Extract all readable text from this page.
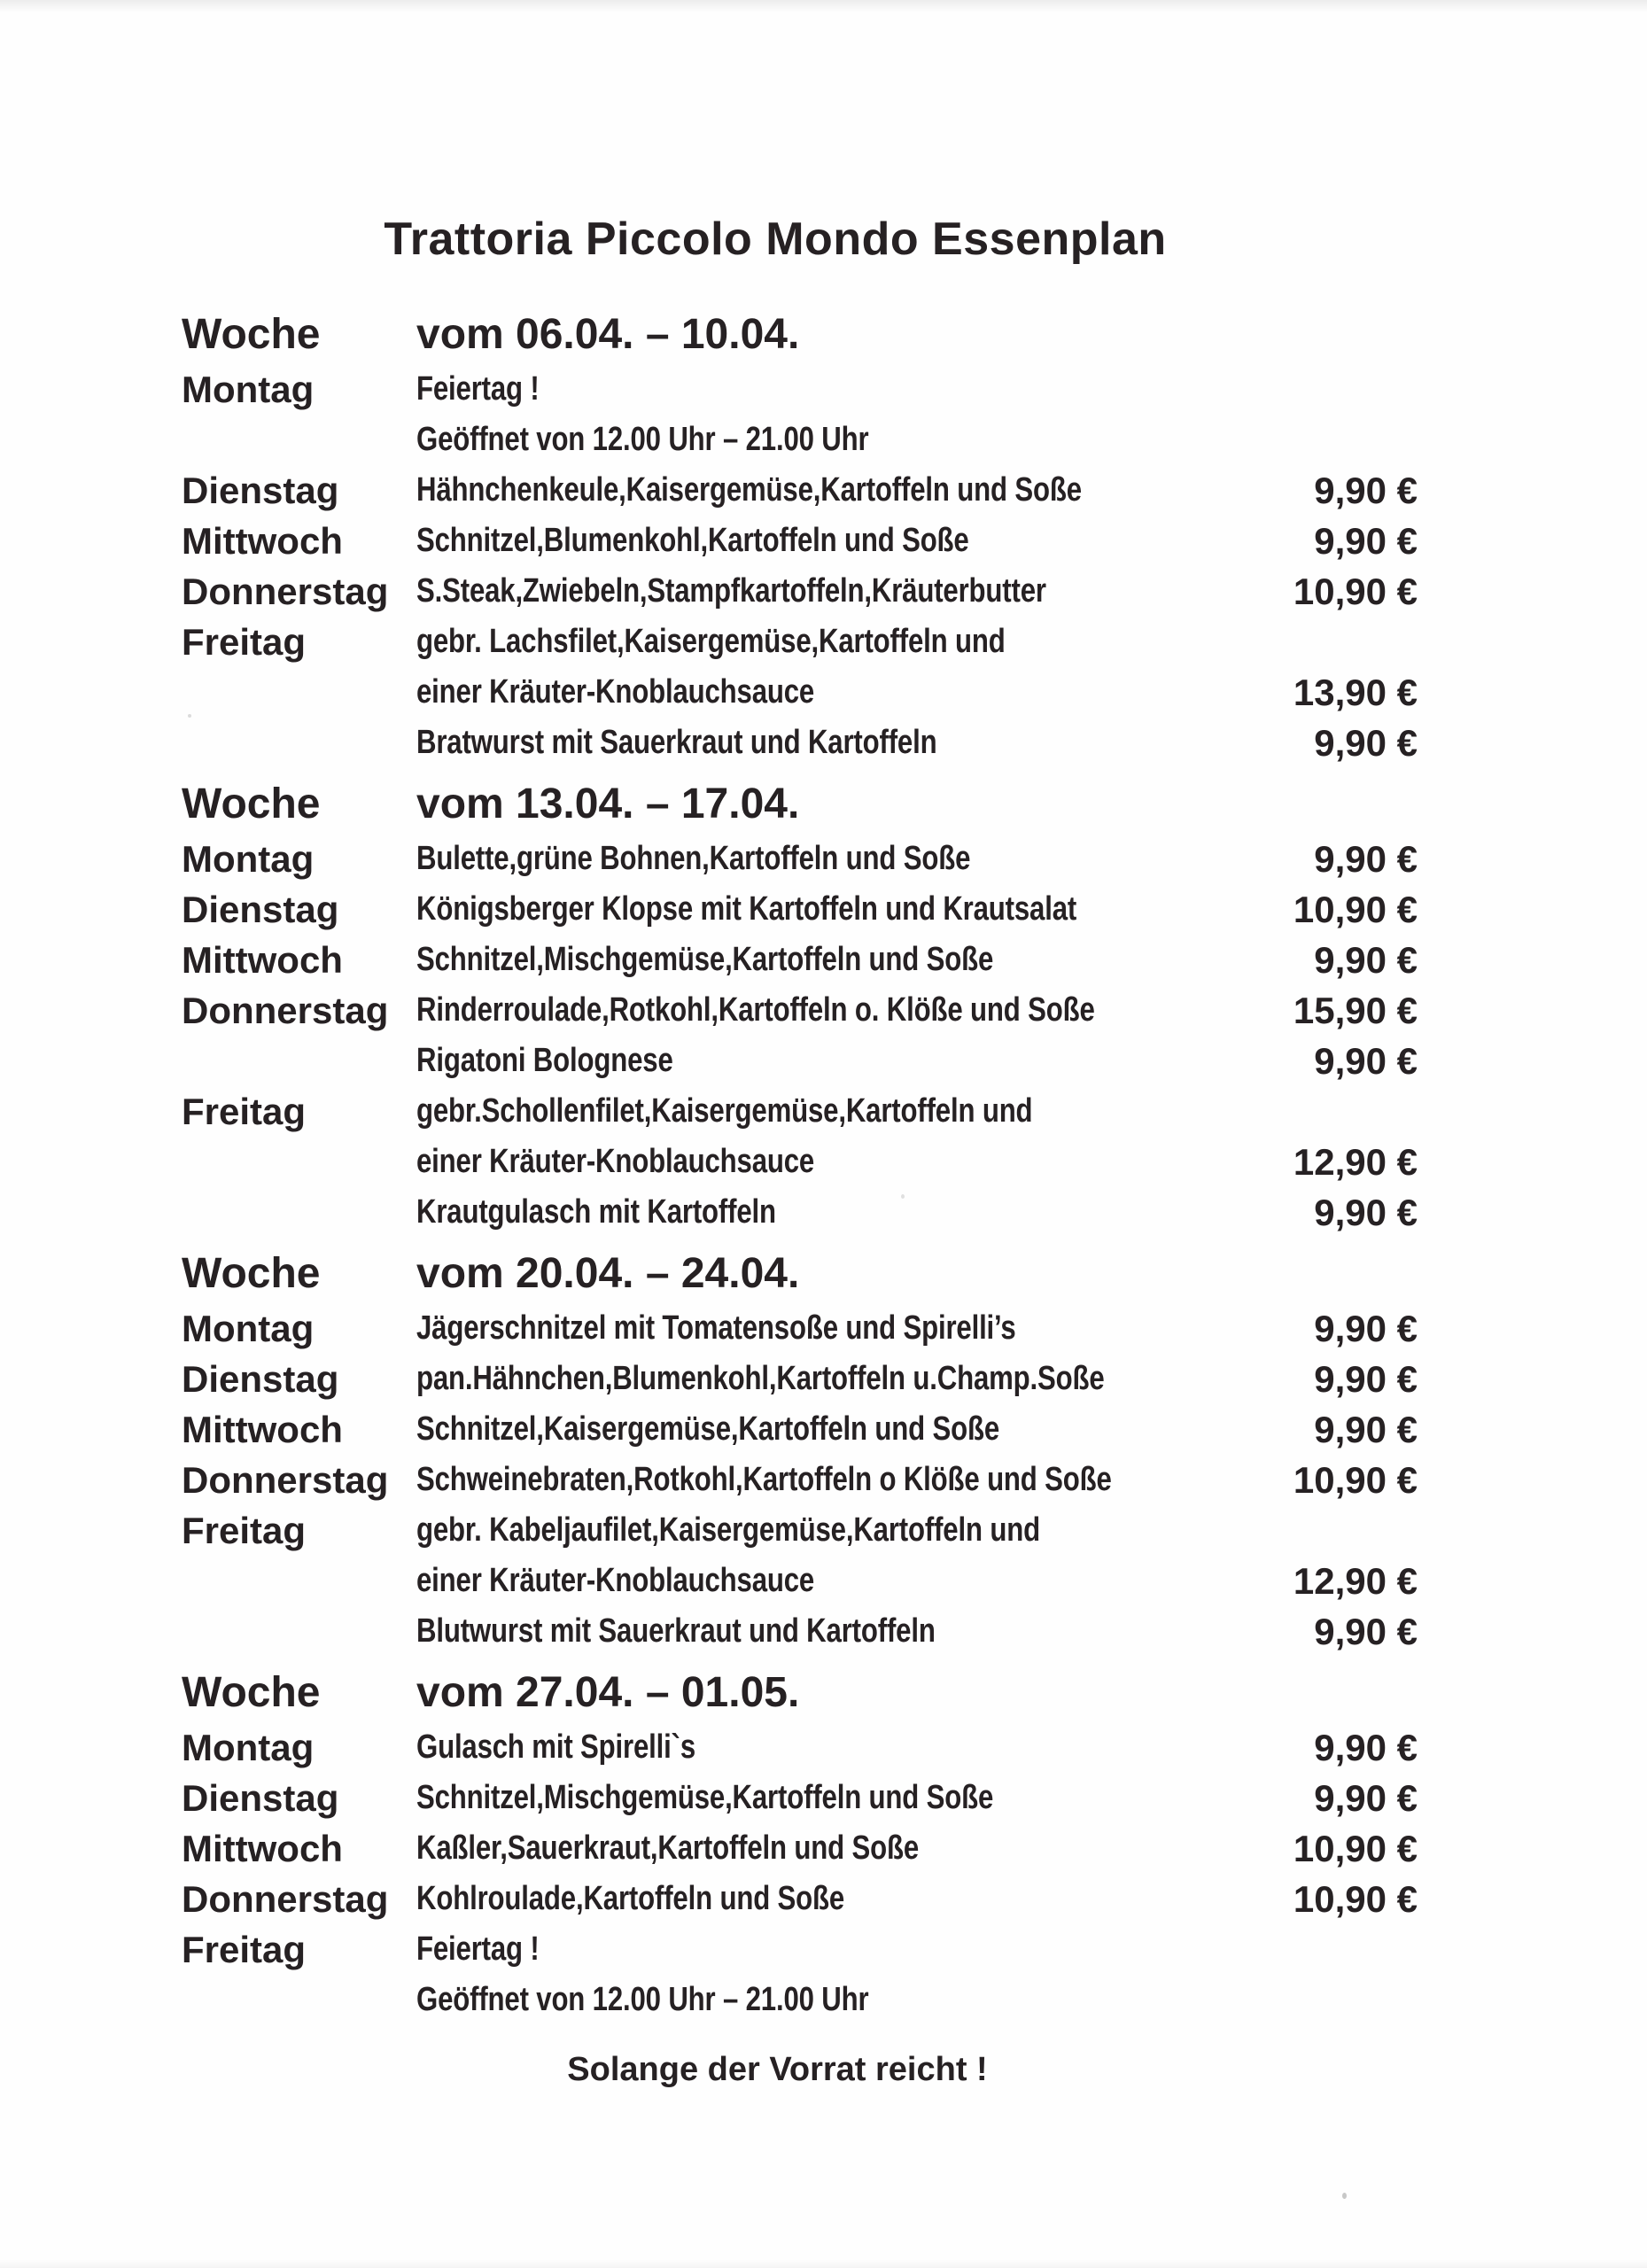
Trattoria Piccolo Mondo Essenplan
Woche vom 06.04. – 10.04.
Montag	Feiertag !
Geöffnet von 12.00 Uhr – 21.00 Uhr
Dienstag Hähnchenkeule,Kaisergemüse,Kartoffeln und Soße	9,90 €
Mittwoch Schnitzel,Blumenkohl,Kartoffeln und Soße	9,90 €
Donnerstag S.Steak,Zwiebeln,Stampfkartoffeln,Kräuterbutter	10,90 €
Freitag	gebr. Lachsfilet,Kaisergemüse,Kartoffeln und
einer Kräuter-Knoblauchsauce	13,90 €
Bratwurst mit Sauerkraut und Kartoffeln	9,90 €
Woche vom 13.04. – 17.04.
Montag	Bulette,grüne Bohnen,Kartoffeln und Soße	9,90 €
Dienstag Königsberger Klopse mit Kartoffeln und Krautsalat	10,90 €
Mittwoch Schnitzel,Mischgemüse,Kartoffeln und Soße	9,90 €
Donnerstag Rinderroulade,Rotkohl,Kartoffeln o. Klöße und Soße	15,90 €
Rigatoni Bolognese	9,90 €
Freitag	gebr.Schollenfilet,Kaisergemüse,Kartoffeln und
einer Kräuter-Knoblauchsauce	12,90 €
Krautgulasch mit Kartoffeln	9,90 €
Woche vom 20.04. – 24.04.
Montag	Jägerschnitzel mit Tomatensoße und Spirelli’s	9,90 €
Dienstag pan.Hähnchen,Blumenkohl,Kartoffeln u.Champ.Soße	9,90 €
Mittwoch Schnitzel,Kaisergemüse,Kartoffeln und Soße	9,90 €
Donnerstag Schweinebraten,Rotkohl,Kartoffeln o Klöße und Soße	10,90 €
Freitag	gebr. Kabeljaufilet,Kaisergemüse,Kartoffeln und
einer Kräuter-Knoblauchsauce	12,90 €
Blutwurst mit Sauerkraut und Kartoffeln	9,90 €
Woche vom 27.04. – 01.05.
Montag	Gulasch mit Spirelli`s	9,90 €
Dienstag Schnitzel,Mischgemüse,Kartoffeln und Soße	9,90 €
Mittwoch Kaßler,Sauerkraut,Kartoffeln und Soße	10,90 €
Donnerstag Kohlroulade,Kartoffeln und Soße	10,90 €
Freitag	Feiertag !
Geöffnet von 12.00 Uhr – 21.00 Uhr
Solange der Vorrat reicht !
